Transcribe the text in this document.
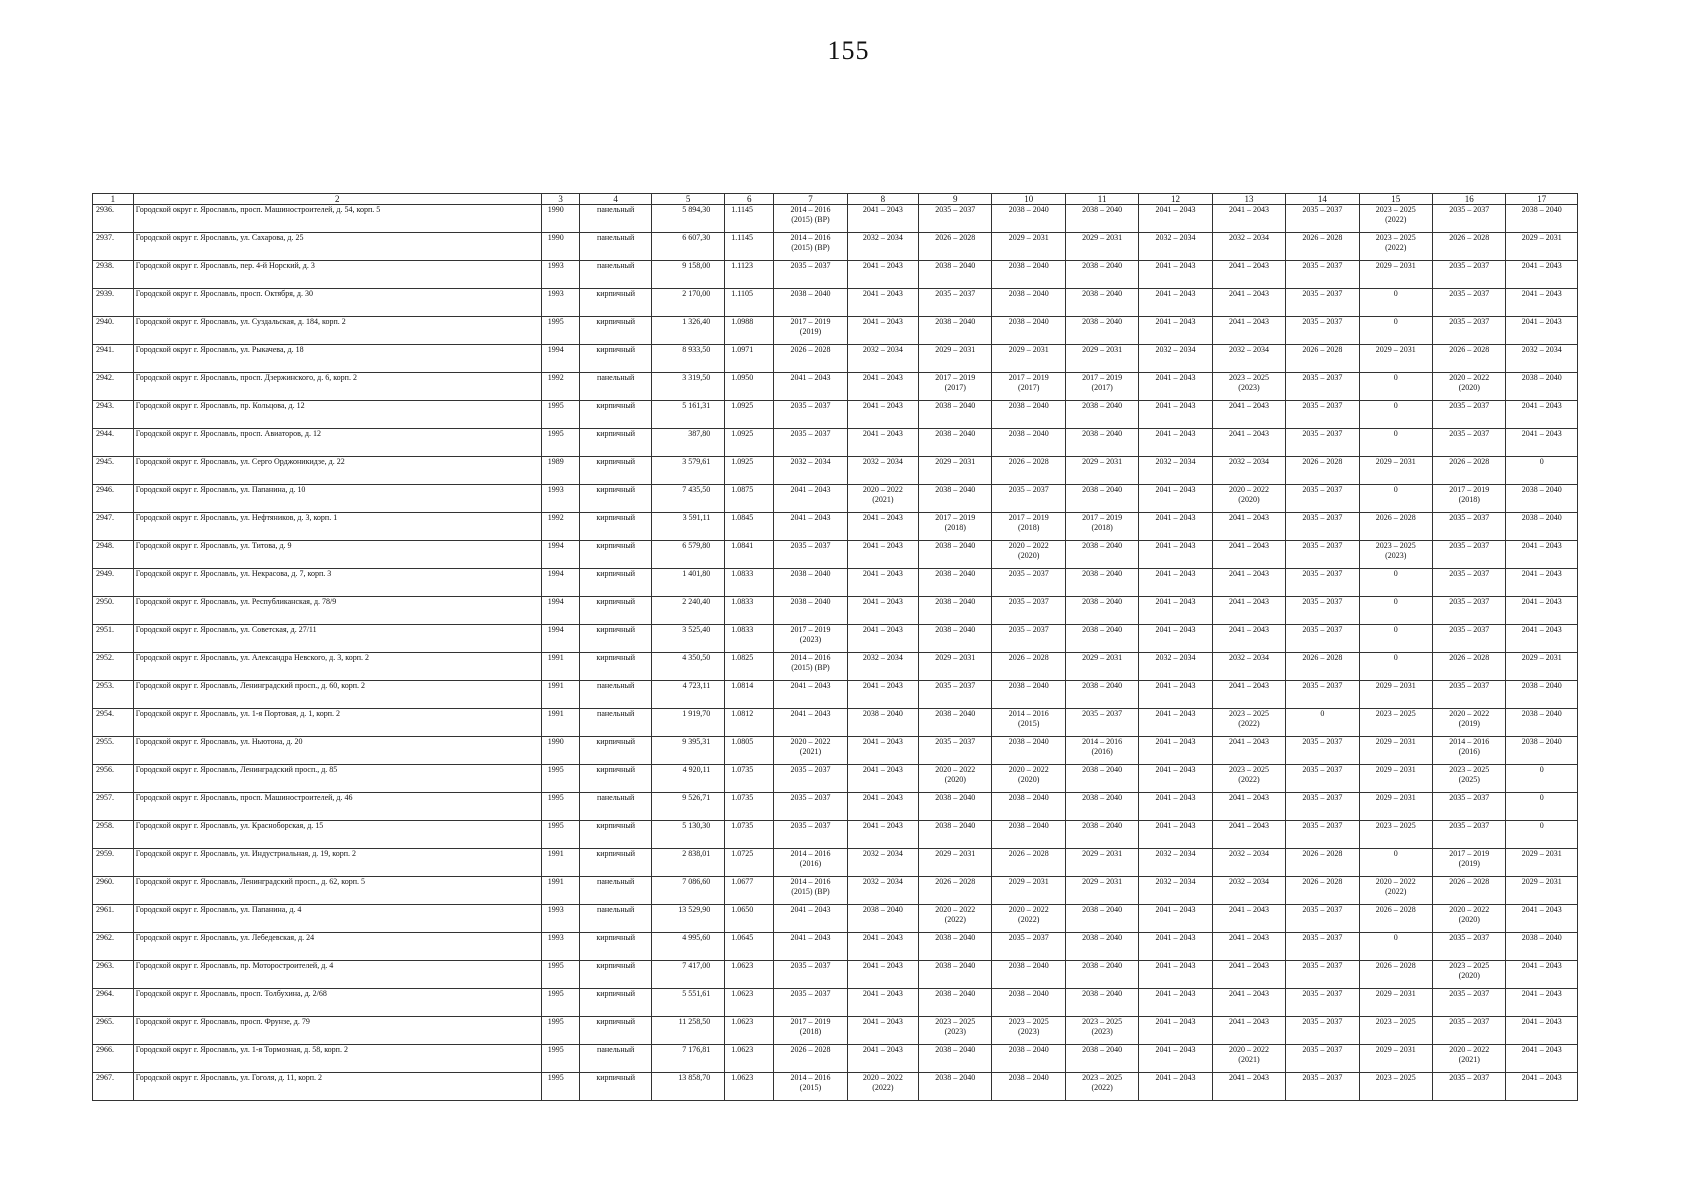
155
1	2	3	4	5	6	7	8	9	10	11	12	13	14	15	16	17
2936.	Городской округ г. Ярославль, просп. Машиностроителей, д. 54, корп. 5	1990	панельный	5 894,30	1.1145	2014 – 2016
(2015) (ВР)	2041 – 2043	2035 – 2037	2038 – 2040	2038 – 2040	2041 – 2043	2041 – 2043	2035 – 2037	2023 – 2025
(2022)	2035 – 2037	2038 – 2040
2937.	Городской округ г. Ярославль, ул. Сахарова, д. 25	1990	панельный	6 607,30	1.1145	2014 – 2016
(2015) (ВР)	2032 – 2034	2026 – 2028	2029 – 2031	2029 – 2031	2032 – 2034	2032 – 2034	2026 – 2028	2023 – 2025
(2022)	2026 – 2028	2029 – 2031
2938.	Городской округ г. Ярославль, пер. 4-й Норский, д. 3	1993	панельный	9 158,00	1.1123	2035 – 2037	2041 – 2043	2038 – 2040	2038 – 2040	2038 – 2040	2041 – 2043	2041 – 2043	2035 – 2037	2029 – 2031	2035 – 2037	2041 – 2043
2939.	Городской округ г. Ярославль, просп. Октября, д. 30	1993	кирпичный	2 170,00	1.1105	2038 – 2040	2041 – 2043	2035 – 2037	2038 – 2040	2038 – 2040	2041 – 2043	2041 – 2043	2035 – 2037	0	2035 – 2037	2041 – 2043
2940.	Городской округ г. Ярославль, ул. Суздальская, д. 184, корп. 2	1995	кирпичный	1 326,40	1.0988	2017 – 2019
(2019)	2041 – 2043	2038 – 2040	2038 – 2040	2038 – 2040	2041 – 2043	2041 – 2043	2035 – 2037	0	2035 – 2037	2041 – 2043
2941.	Городской округ г. Ярославль, ул. Рыкачева, д. 18	1994	кирпичный	8 933,50	1.0971	2026 – 2028	2032 – 2034	2029 – 2031	2029 – 2031	2029 – 2031	2032 – 2034	2032 – 2034	2026 – 2028	2029 – 2031	2026 – 2028	2032 – 2034
2942.	Городской округ г. Ярославль, просп. Дзержинского, д. 6, корп. 2	1992	панельный	3 319,50	1.0950	2041 – 2043	2041 – 2043	2017 – 2019
(2017)	2017 – 2019
(2017)	2017 – 2019
(2017)	2041 – 2043	2023 – 2025
(2023)	2035 – 2037	0	2020 – 2022
(2020)	2038 – 2040
2943.	Городской округ г. Ярославль, пр. Кольцова, д. 12	1995	кирпичный	5 161,31	1.0925	2035 – 2037	2041 – 2043	2038 – 2040	2038 – 2040	2038 – 2040	2041 – 2043	2041 – 2043	2035 – 2037	0	2035 – 2037	2041 – 2043
2944.	Городской округ г. Ярославль, просп. Авиаторов, д. 12	1995	кирпичный	387,80	1.0925	2035 – 2037	2041 – 2043	2038 – 2040	2038 – 2040	2038 – 2040	2041 – 2043	2041 – 2043	2035 – 2037	0	2035 – 2037	2041 – 2043
2945.	Городской округ г. Ярославль, ул. Серго Орджоникидзе, д. 22	1989	кирпичный	3 579,61	1.0925	2032 – 2034	2032 – 2034	2029 – 2031	2026 – 2028	2029 – 2031	2032 – 2034	2032 – 2034	2026 – 2028	2029 – 2031	2026 – 2028	0
2946.	Городской округ г. Ярославль, ул. Папанина, д. 10	1993	кирпичный	7 435,50	1.0875	2041 – 2043	2020 – 2022
(2021)	2038 – 2040	2035 – 2037	2038 – 2040	2041 – 2043	2020 – 2022
(2020)	2035 – 2037	0	2017 – 2019
(2018)	2038 – 2040
2947.	Городской округ г. Ярославль, ул. Нефтяников, д. 3, корп. 1	1992	кирпичный	3 591,11	1.0845	2041 – 2043	2041 – 2043	2017 – 2019
(2018)	2017 – 2019
(2018)	2017 – 2019
(2018)	2041 – 2043	2041 – 2043	2035 – 2037	2026 – 2028	2035 – 2037	2038 – 2040
2948.	Городской округ г. Ярославль, ул. Титова, д. 9	1994	кирпичный	6 579,80	1.0841	2035 – 2037	2041 – 2043	2038 – 2040	2020 – 2022
(2020)	2038 – 2040	2041 – 2043	2041 – 2043	2035 – 2037	2023 – 2025
(2023)	2035 – 2037	2041 – 2043
2949.	Городской округ г. Ярославль, ул. Некрасова, д. 7, корп. 3	1994	кирпичный	1 401,80	1.0833	2038 – 2040	2041 – 2043	2038 – 2040	2035 – 2037	2038 – 2040	2041 – 2043	2041 – 2043	2035 – 2037	0	2035 – 2037	2041 – 2043
2950.	Городской округ г. Ярославль, ул. Республиканская, д. 78/9	1994	кирпичный	2 240,40	1.0833	2038 – 2040	2041 – 2043	2038 – 2040	2035 – 2037	2038 – 2040	2041 – 2043	2041 – 2043	2035 – 2037	0	2035 – 2037	2041 – 2043
2951.	Городской округ г. Ярославль, ул. Советская, д. 27/11	1994	кирпичный	3 525,40	1.0833	2017 – 2019
(2023)	2041 – 2043	2038 – 2040	2035 – 2037	2038 – 2040	2041 – 2043	2041 – 2043	2035 – 2037	0	2035 – 2037	2041 – 2043
2952.	Городской округ г. Ярославль, ул. Александра Невского, д. 3, корп. 2	1991	кирпичный	4 350,50	1.0825	2014 – 2016
(2015) (ВР)	2032 – 2034	2029 – 2031	2026 – 2028	2029 – 2031	2032 – 2034	2032 – 2034	2026 – 2028	0	2026 – 2028	2029 – 2031
2953.	Городской округ г. Ярославль, Ленинградский просп., д. 60, корп. 2	1991	панельный	4 723,11	1.0814	2041 – 2043	2041 – 2043	2035 – 2037	2038 – 2040	2038 – 2040	2041 – 2043	2041 – 2043	2035 – 2037	2029 – 2031	2035 – 2037	2038 – 2040
2954.	Городской округ г. Ярославль, ул. 1-я Портовая, д. 1, корп. 2	1991	панельный	1 919,70	1.0812	2041 – 2043	2038 – 2040	2038 – 2040	2014 – 2016
(2015)	2035 – 2037	2041 – 2043	2023 – 2025
(2022)	0	2023 – 2025	2020 – 2022
(2019)	2038 – 2040
2955.	Городской округ г. Ярославль, ул. Ньютона, д. 20	1990	кирпичный	9 395,31	1.0805	2020 – 2022
(2021)	2041 – 2043	2035 – 2037	2038 – 2040	2014 – 2016
(2016)	2041 – 2043	2041 – 2043	2035 – 2037	2029 – 2031	2014 – 2016
(2016)	2038 – 2040
2956.	Городской округ г. Ярославль, Ленинградский просп., д. 85	1995	кирпичный	4 920,11	1.0735	2035 – 2037	2041 – 2043	2020 – 2022
(2020)	2020 – 2022
(2020)	2038 – 2040	2041 – 2043	2023 – 2025
(2022)	2035 – 2037	2029 – 2031	2023 – 2025
(2025)	0
2957.	Городской округ г. Ярославль, просп. Машиностроителей, д. 46	1995	панельный	9 526,71	1.0735	2035 – 2037	2041 – 2043	2038 – 2040	2038 – 2040	2038 – 2040	2041 – 2043	2041 – 2043	2035 – 2037	2029 – 2031	2035 – 2037	0
2958.	Городской округ г. Ярославль, ул. Красноборская, д. 15	1995	кирпичный	5 130,30	1.0735	2035 – 2037	2041 – 2043	2038 – 2040	2038 – 2040	2038 – 2040	2041 – 2043	2041 – 2043	2035 – 2037	2023 – 2025	2035 – 2037	0
2959.	Городской округ г. Ярославль, ул. Индустриальная, д. 19, корп. 2	1991	кирпичный	2 838,01	1.0725	2014 – 2016
(2016)	2032 – 2034	2029 – 2031	2026 – 2028	2029 – 2031	2032 – 2034	2032 – 2034	2026 – 2028	0	2017 – 2019
(2019)	2029 – 2031
2960.	Городской округ г. Ярославль, Ленинградский просп., д. 62, корп. 5	1991	панельный	7 086,60	1.0677	2014 – 2016
(2015) (ВР)	2032 – 2034	2026 – 2028	2029 – 2031	2029 – 2031	2032 – 2034	2032 – 2034	2026 – 2028	2020 – 2022
(2022)	2026 – 2028	2029 – 2031
2961.	Городской округ г. Ярославль, ул. Папанина, д. 4	1993	панельный	13 529,90	1.0650	2041 – 2043	2038 – 2040	2020 – 2022
(2022)	2020 – 2022
(2022)	2038 – 2040	2041 – 2043	2041 – 2043	2035 – 2037	2026 – 2028	2020 – 2022
(2020)	2041 – 2043
2962.	Городской округ г. Ярославль, ул. Лебедевская, д. 24	1993	кирпичный	4 995,60	1.0645	2041 – 2043	2041 – 2043	2038 – 2040	2035 – 2037	2038 – 2040	2041 – 2043	2041 – 2043	2035 – 2037	0	2035 – 2037	2038 – 2040
2963.	Городской округ г. Ярославль, пр. Моторостроителей, д. 4	1995	кирпичный	7 417,00	1.0623	2035 – 2037	2041 – 2043	2038 – 2040	2038 – 2040	2038 – 2040	2041 – 2043	2041 – 2043	2035 – 2037	2026 – 2028	2023 – 2025
(2020)	2041 – 2043
2964.	Городской округ г. Ярославль, просп. Толбухина, д. 2/68	1995	кирпичный	5 551,61	1.0623	2035 – 2037	2041 – 2043	2038 – 2040	2038 – 2040	2038 – 2040	2041 – 2043	2041 – 2043	2035 – 2037	2029 – 2031	2035 – 2037	2041 – 2043
2965.	Городской округ г. Ярославль, просп. Фрунзе, д. 79	1995	кирпичный	11 258,50	1.0623	2017 – 2019
(2018)	2041 – 2043	2023 – 2025
(2023)	2023 – 2025
(2023)	2023 – 2025
(2023)	2041 – 2043	2041 – 2043	2035 – 2037	2023 – 2025	2035 – 2037	2041 – 2043
2966.	Городской округ г. Ярославль, ул. 1-я Тормозная, д. 58, корп. 2	1995	панельный	7 176,81	1.0623	2026 – 2028	2041 – 2043	2038 – 2040	2038 – 2040	2038 – 2040	2041 – 2043	2020 – 2022
(2021)	2035 – 2037	2029 – 2031	2020 – 2022
(2021)	2041 – 2043
2967.	Городской округ г. Ярославль, ул. Гоголя, д. 11, корп. 2	1995	кирпичный	13 858,70	1.0623	2014 – 2016
(2015)	2020 – 2022
(2022)	2038 – 2040	2038 – 2040	2023 – 2025
(2022)	2041 – 2043	2041 – 2043	2035 – 2037	2023 – 2025	2035 – 2037	2041 – 2043
